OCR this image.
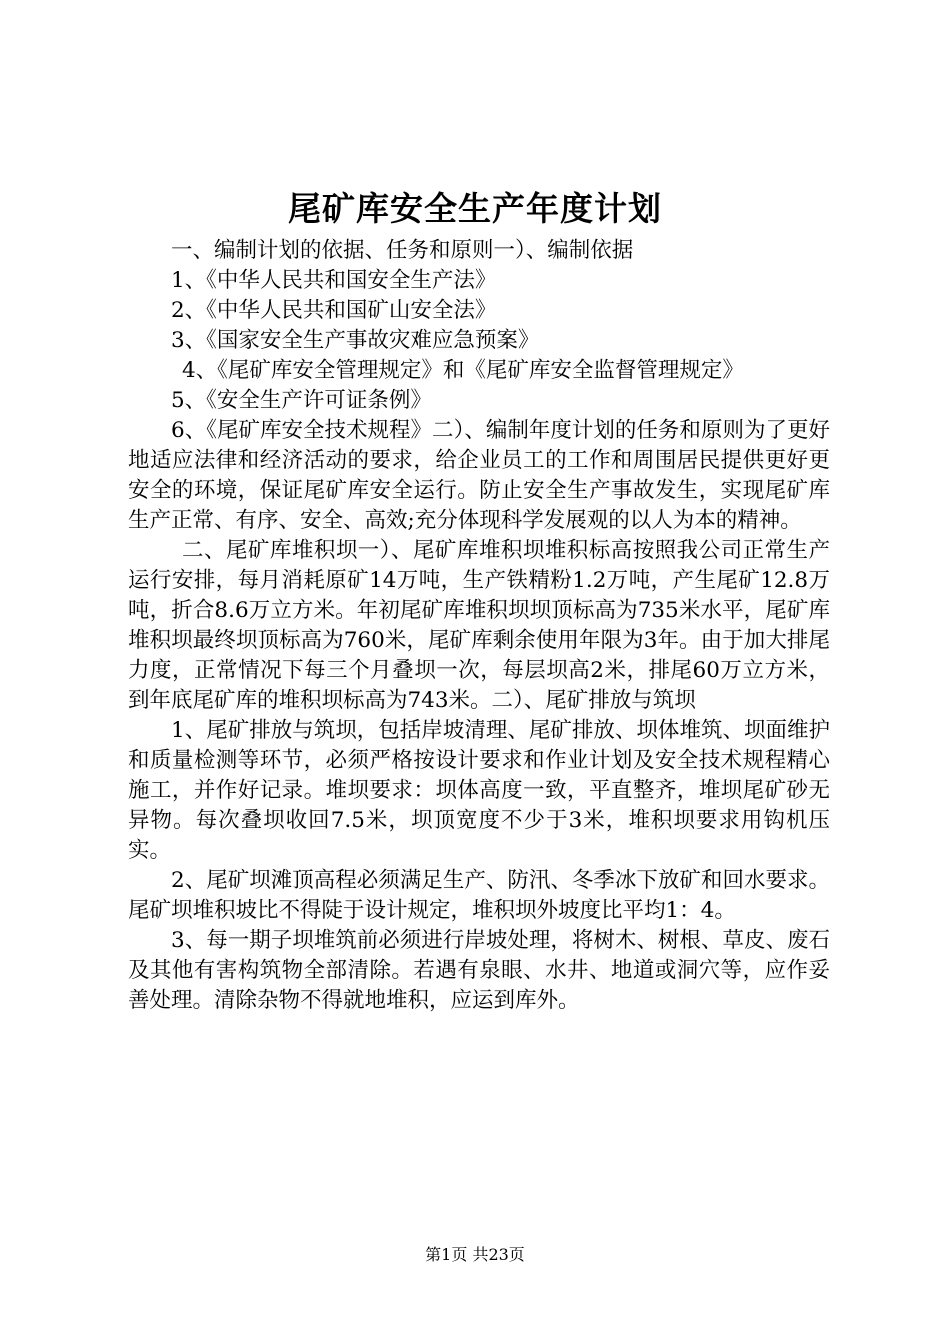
尾矿库安全生产年度计划

一、编制计划的依据、任务和原则一）、编制依据

1、《中华人民共和国安全生产法》

2、《中华人民共和国矿山安全法》

3、《国家安全生产事故灾难应急预案》

4、《尾矿库安全管理规定》和《尾矿库安全监督管理规定》

5、《安全生产许可证条例》

6、《尾矿库安全技术规程》二）、编制年度计划的任务和原则为了更好地适应法律和经济活动的要求，给企业员工的工作和周围居民提供更好更安全的环境，保证尾矿库安全运行。防止安全生产事故发生，实现尾矿库生产正常、有序、安全、高效;充分体现科学发展观的以人为本的精神。

二、尾矿库堆积坝一）、尾矿库堆积坝堆积标高按照我公司正常生产运行安排，每月消耗原矿14万吨，生产铁精粉1.2万吨，产生尾矿12.8万吨，折合8.6万立方米。年初尾矿库堆积坝坝顶标高为735米水平，尾矿库堆积坝最终坝顶标高为760米，尾矿库剩余使用年限为3年。由于加大排尾力度，正常情况下每三个月叠坝一次，每层坝高2米，排尾60万立方米，到年底尾矿库的堆积坝标高为743米。二）、尾矿排放与筑坝

1、尾矿排放与筑坝，包括岸坡清理、尾矿排放、坝体堆筑、坝面维护和质量检测等环节，必须严格按设计要求和作业计划及安全技术规程精心施工，并作好记录。堆坝要求：坝体高度一致，平直整齐，堆坝尾矿砂无异物。每次叠坝收回7.5米，坝顶宽度不少于3米，堆积坝要求用钩机压实。

2、尾矿坝滩顶高程必须满足生产、防汛、冬季冰下放矿和回水要求。尾矿坝堆积坡比不得陡于设计规定，堆积坝外坡度比平均1：4。

3、每一期子坝堆筑前必须进行岸坡处理，将树木、树根、草皮、废石及其他有害构筑物全部清除。若遇有泉眼、水井、地道或洞穴等，应作妥善处理。清除杂物不得就地堆积，应运到库外。

第1页 共23页
